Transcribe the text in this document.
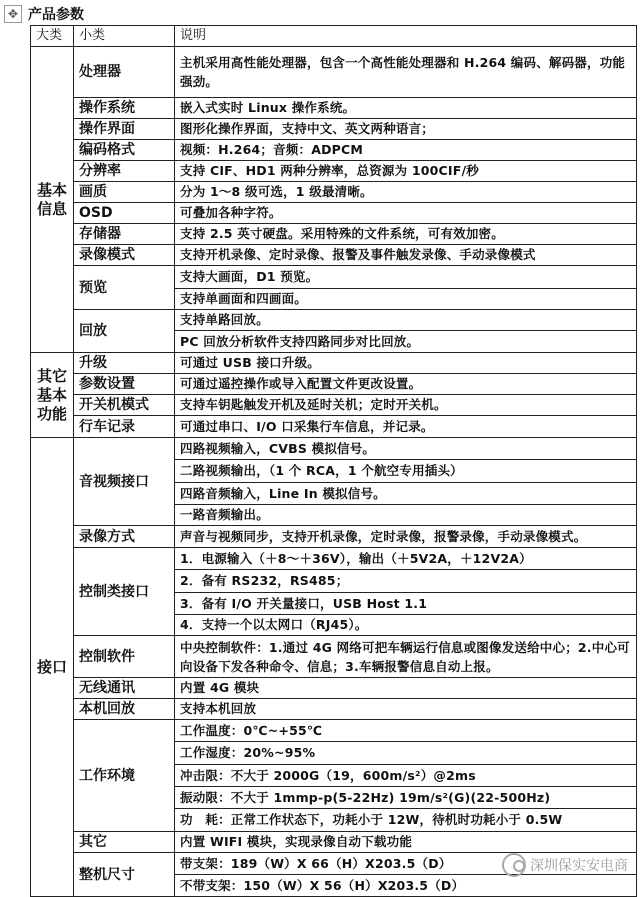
✥ 产品参数
大类	小类	说明
基本信息	处理器	主机采用高性能处理器，包含一个高性能处理器和 H.264 编码、解码器，功能强劲。
	操作系统	嵌入式实时 Linux 操作系统。
	操作界面	图形化操作界面，支持中文、英文两种语言；
	编码格式	视频：H.264；音频：ADPCM
	分辨率	支持 CIF、HD1 两种分辨率，总资源为 100CIF/秒
	画质	分为 1～8 级可选，1 级最清晰。
	OSD	可叠加各种字符。
	存储器	支持 2.5 英寸硬盘。采用特殊的文件系统，可有效加密。
	录像模式	支持开机录像、定时录像、报警及事件触发录像、手动录像模式
	预览	支持大画面，D1 预览。
		支持单画面和四画面。
	回放	支持单路回放。
		PC 回放分析软件支持四路同步对比回放。
其它基本功能	升级	可通过 USB 接口升级。
	参数设置	可通过遥控操作或导入配置文件更改设置。
	开关机模式	支持车钥匙触发开机及延时关机；定时开关机。
	行车记录	可通过串口、I/O 口采集行车信息，并记录。
接口	音视频接口	四路视频输入，CVBS 模拟信号。
		二路视频输出，（1 个 RCA，1 个航空专用插头）
		四路音频输入，Line In 模拟信号。
		一路音频输出。
	录像方式	声音与视频同步，支持开机录像，定时录像，报警录像，手动录像模式。
	控制类接口	1．电源输入（＋8～＋36V），输出（＋5V2A，＋12V2A）
		2．备有 RS232，RS485；
		3．备有 I/O 开关量接口，USB Host 1.1
		4．支持一个以太网口（RJ45）。
	控制软件	中央控制软件：1.通过 4G 网络可把车辆运行信息或图像发送给中心；2.中心可向设备下发各种命令、信息；3.车辆报警信息自动上报。
	无线通讯	内置 4G 模块
	本机回放	支持本机回放
	工作环境	工作温度：0℃~+55℃
		工作湿度：20%~95%
		冲击限：不大于 2000G（19，600m/s²）@2ms
		振动限：不大于 1mmp-p(5-22Hz) 19m/s²(G)(22-500Hz)
		功　耗：正常工作状态下，功耗小于 12W，待机时功耗小于 0.5W
	其它	内置 WIFI 模块，实现录像自动下载功能
	整机尺寸	带支架：189（W）X 66（H）X203.5（D）
		不带支架：150（W）X 56（H）X203.5（D）
深圳保实安电商
